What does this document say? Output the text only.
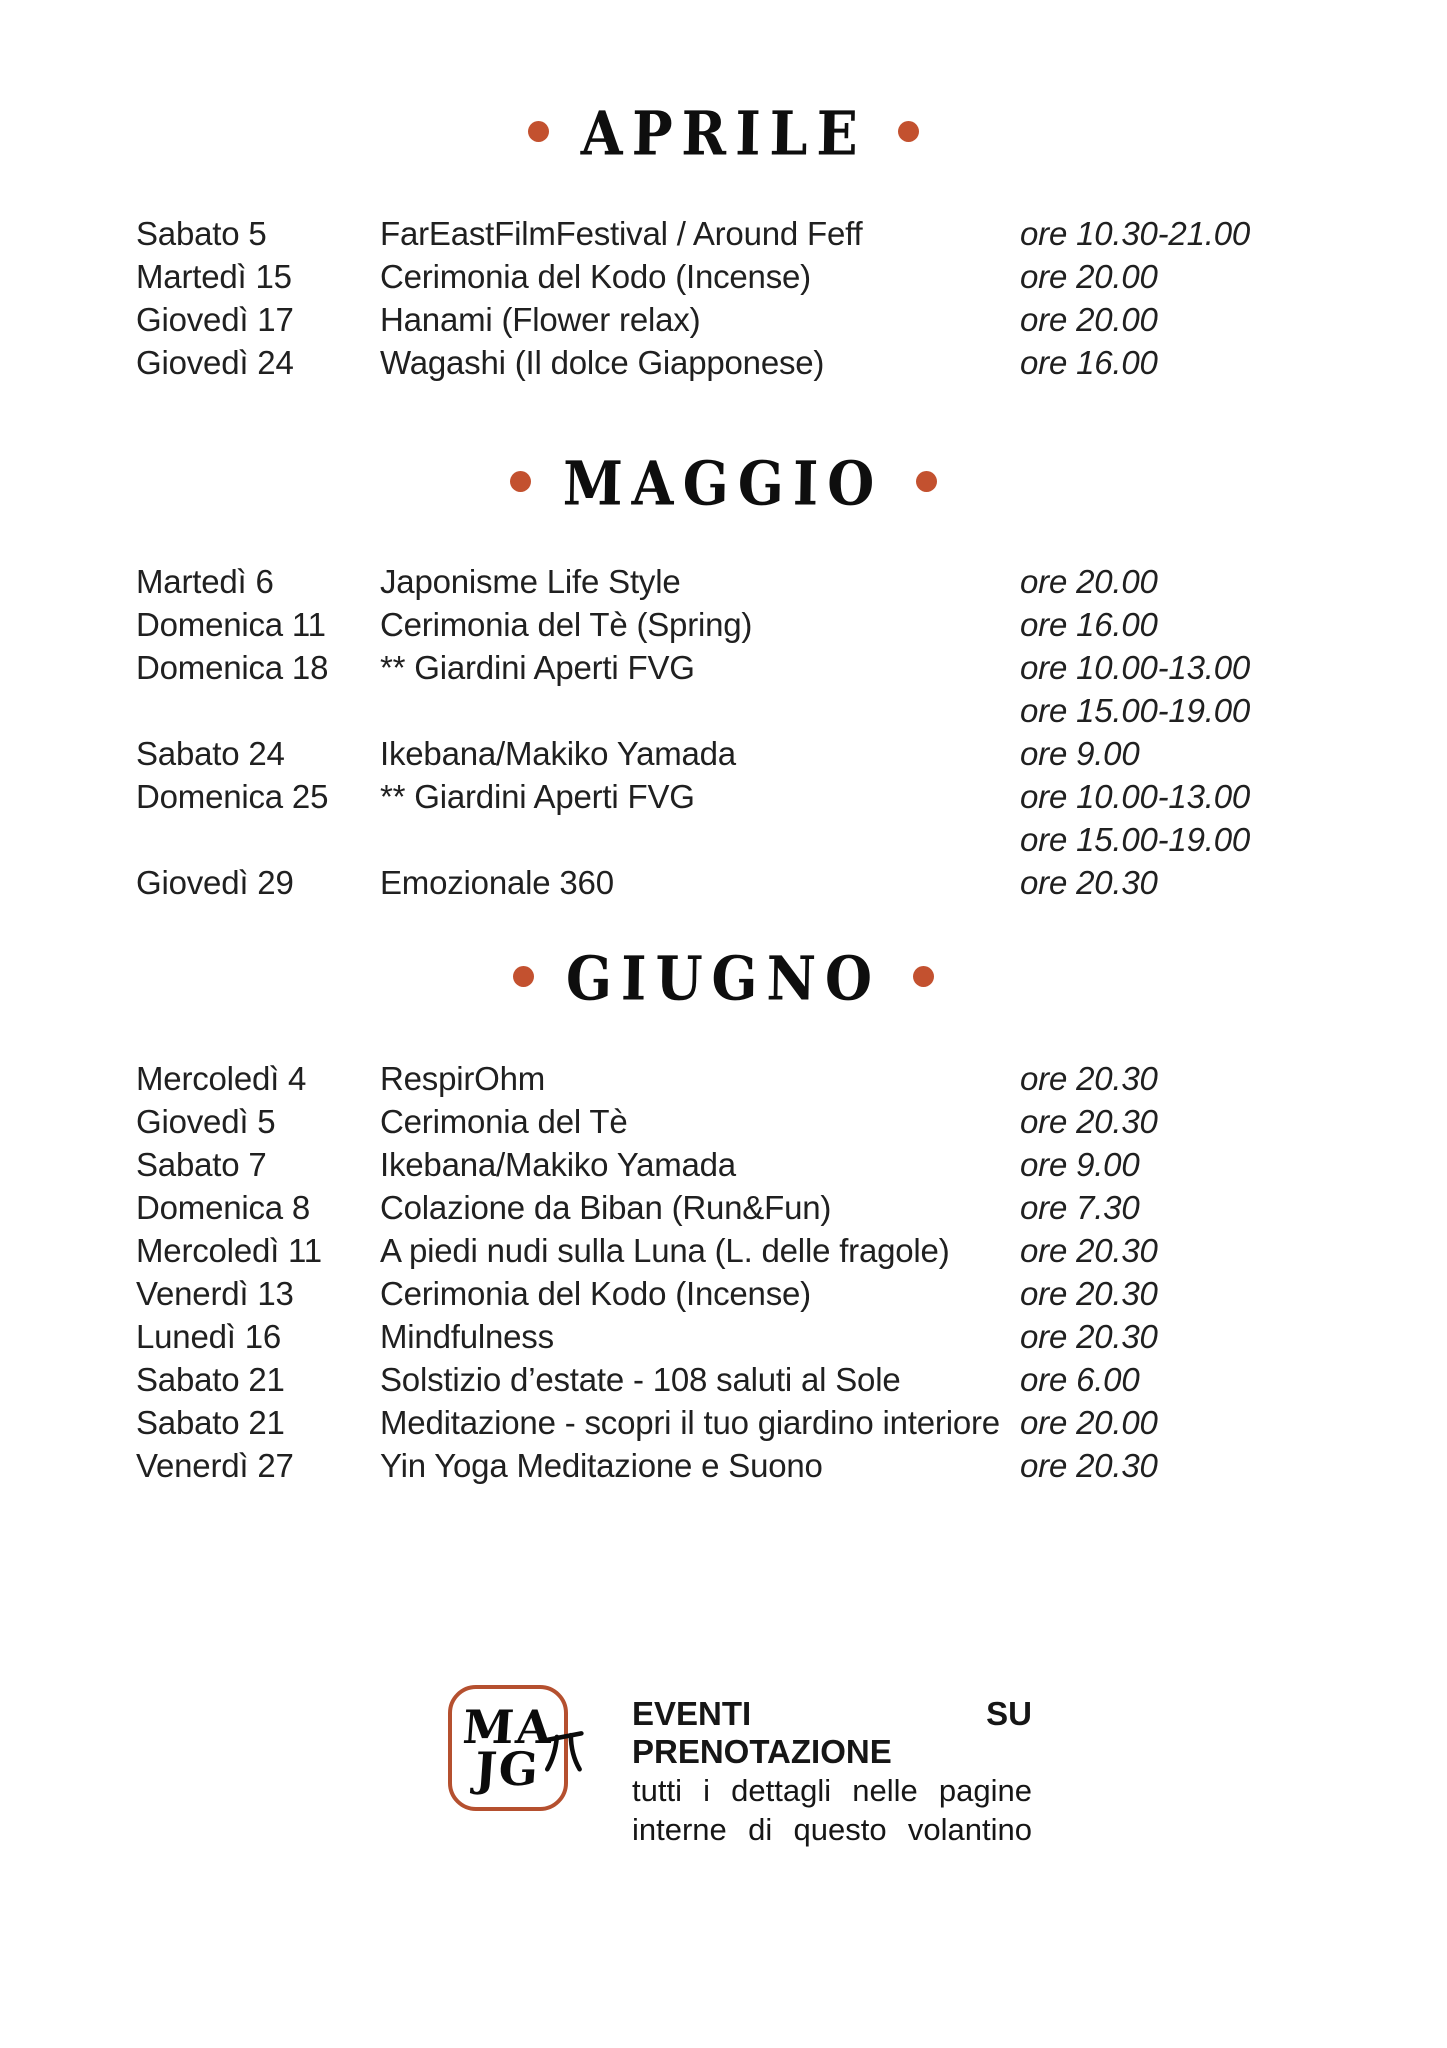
APRILE
Sabato 5	FarEastFilmFestival / Around Feff	ore 10.30-21.00
Martedì 15	Cerimonia del Kodo (Incense)	ore 20.00
Giovedì 17	Hanami (Flower relax)	ore 20.00
Giovedì 24	Wagashi (Il dolce Giapponese)	ore 16.00
MAGGIO
Martedì 6	Japonisme Life Style	ore 20.00
Domenica 11	Cerimonia del Tè (Spring)	ore 16.00
Domenica 18	** Giardini Aperti FVG	ore 10.00-13.00
ore 15.00-19.00
Sabato 24	Ikebana/Makiko Yamada	ore 9.00
Domenica 25	** Giardini Aperti FVG	ore 10.00-13.00
ore 15.00-19.00
Giovedì 29	Emozionale 360	ore 20.30
GIUGNO
Mercoledì 4	RespirOhm	ore 20.30
Giovedì 5	Cerimonia del Tè	ore 20.30
Sabato 7	Ikebana/Makiko Yamada	ore 9.00
Domenica 8	Colazione da Biban (Run&Fun)	ore 7.30
Mercoledì 11	A piedi nudi sulla Luna (L. delle fragole)	ore 20.30
Venerdì 13	Cerimonia del Kodo (Incense)	ore 20.30
Lunedì 16	Mindfulness	ore 20.30
Sabato 21	Solstizio d’estate - 108 saluti al Sole	ore 6.00
Sabato 21	Meditazione - scopri il tuo giardino interiore ore 20.00
Venerdì 27	Yin Yoga Meditazione e Suono	ore 20.30
MA
JG
EVENTI SU PRENOTAZIONE
tutti i dettagli nelle pagine
interne di questo volantino
